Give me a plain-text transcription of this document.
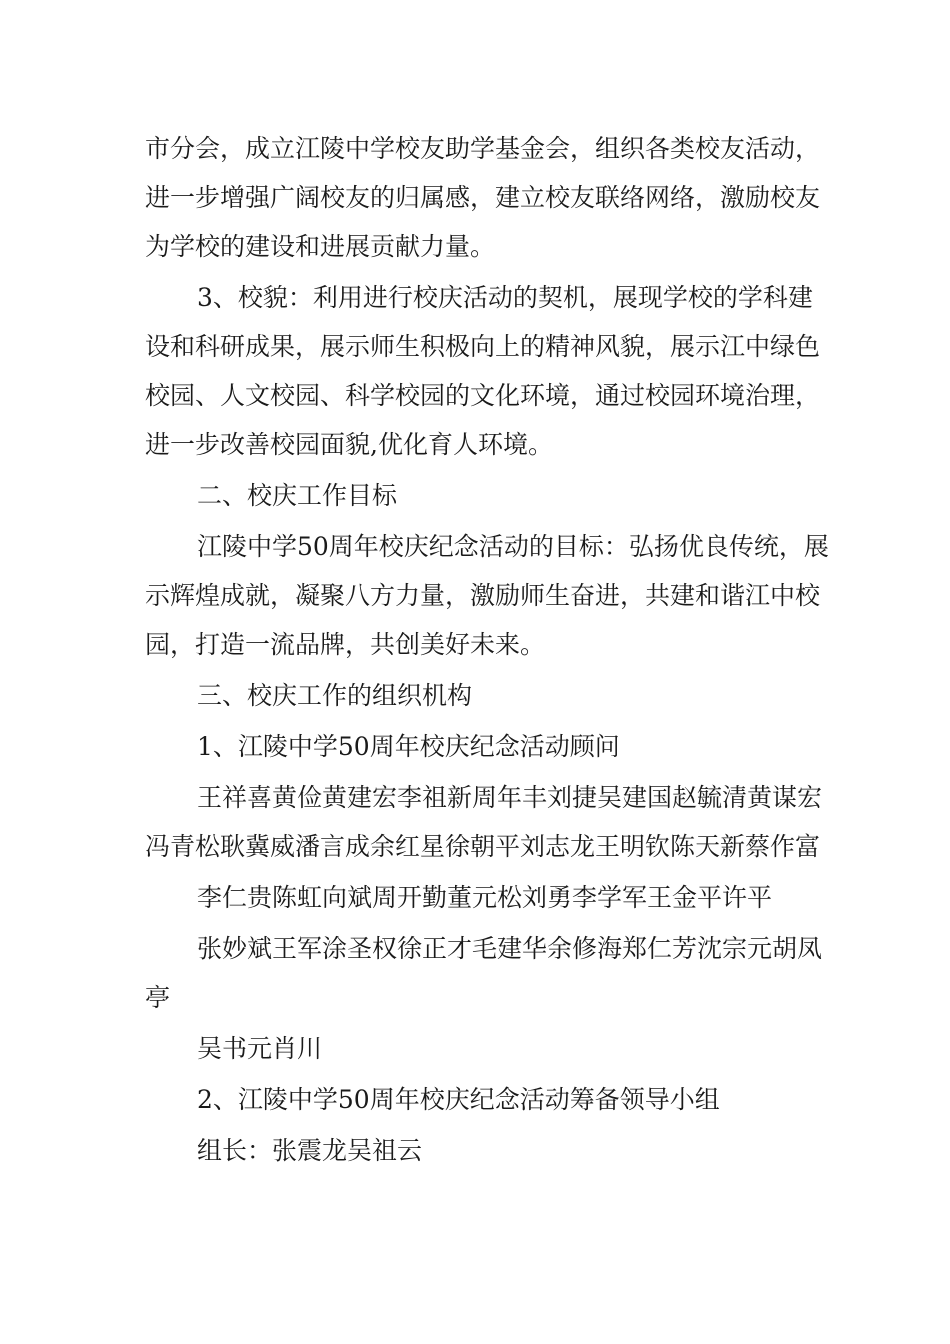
市分会，成立江陵中学校友助学基金会，组织各类校友活动，进一步增强广阔校友的归属感，建立校友联络网络，激励校友为学校的建设和进展贡献力量。

3、校貌：利用进行校庆活动的契机，展现学校的学科建设和科研成果，展示师生积极向上的精神风貌，展示江中绿色校园、人文校园、科学校园的文化环境，通过校园环境治理，进一步改善校园面貌,优化育人环境。

二、校庆工作目标

江陵中学50周年校庆纪念活动的目标：弘扬优良传统，展示辉煌成就，凝聚八方力量，激励师生奋进，共建和谐江中校园，打造一流品牌，共创美好未来。

三、校庆工作的组织机构

1、江陵中学50周年校庆纪念活动顾问

王祥喜黄俭黄建宏李祖新周年丰刘捷吴建国赵毓清黄谋宏冯青松耿冀威潘言成余红星徐朝平刘志龙王明钦陈天新蔡作富

李仁贵陈虹向斌周开勤董元松刘勇李学军王金平许平

张妙斌王军涂圣权徐正才毛建华余修海郑仁芳沈宗元胡凤亭

吴书元肖川

2、江陵中学50周年校庆纪念活动筹备领导小组

组长：张震龙吴祖云
